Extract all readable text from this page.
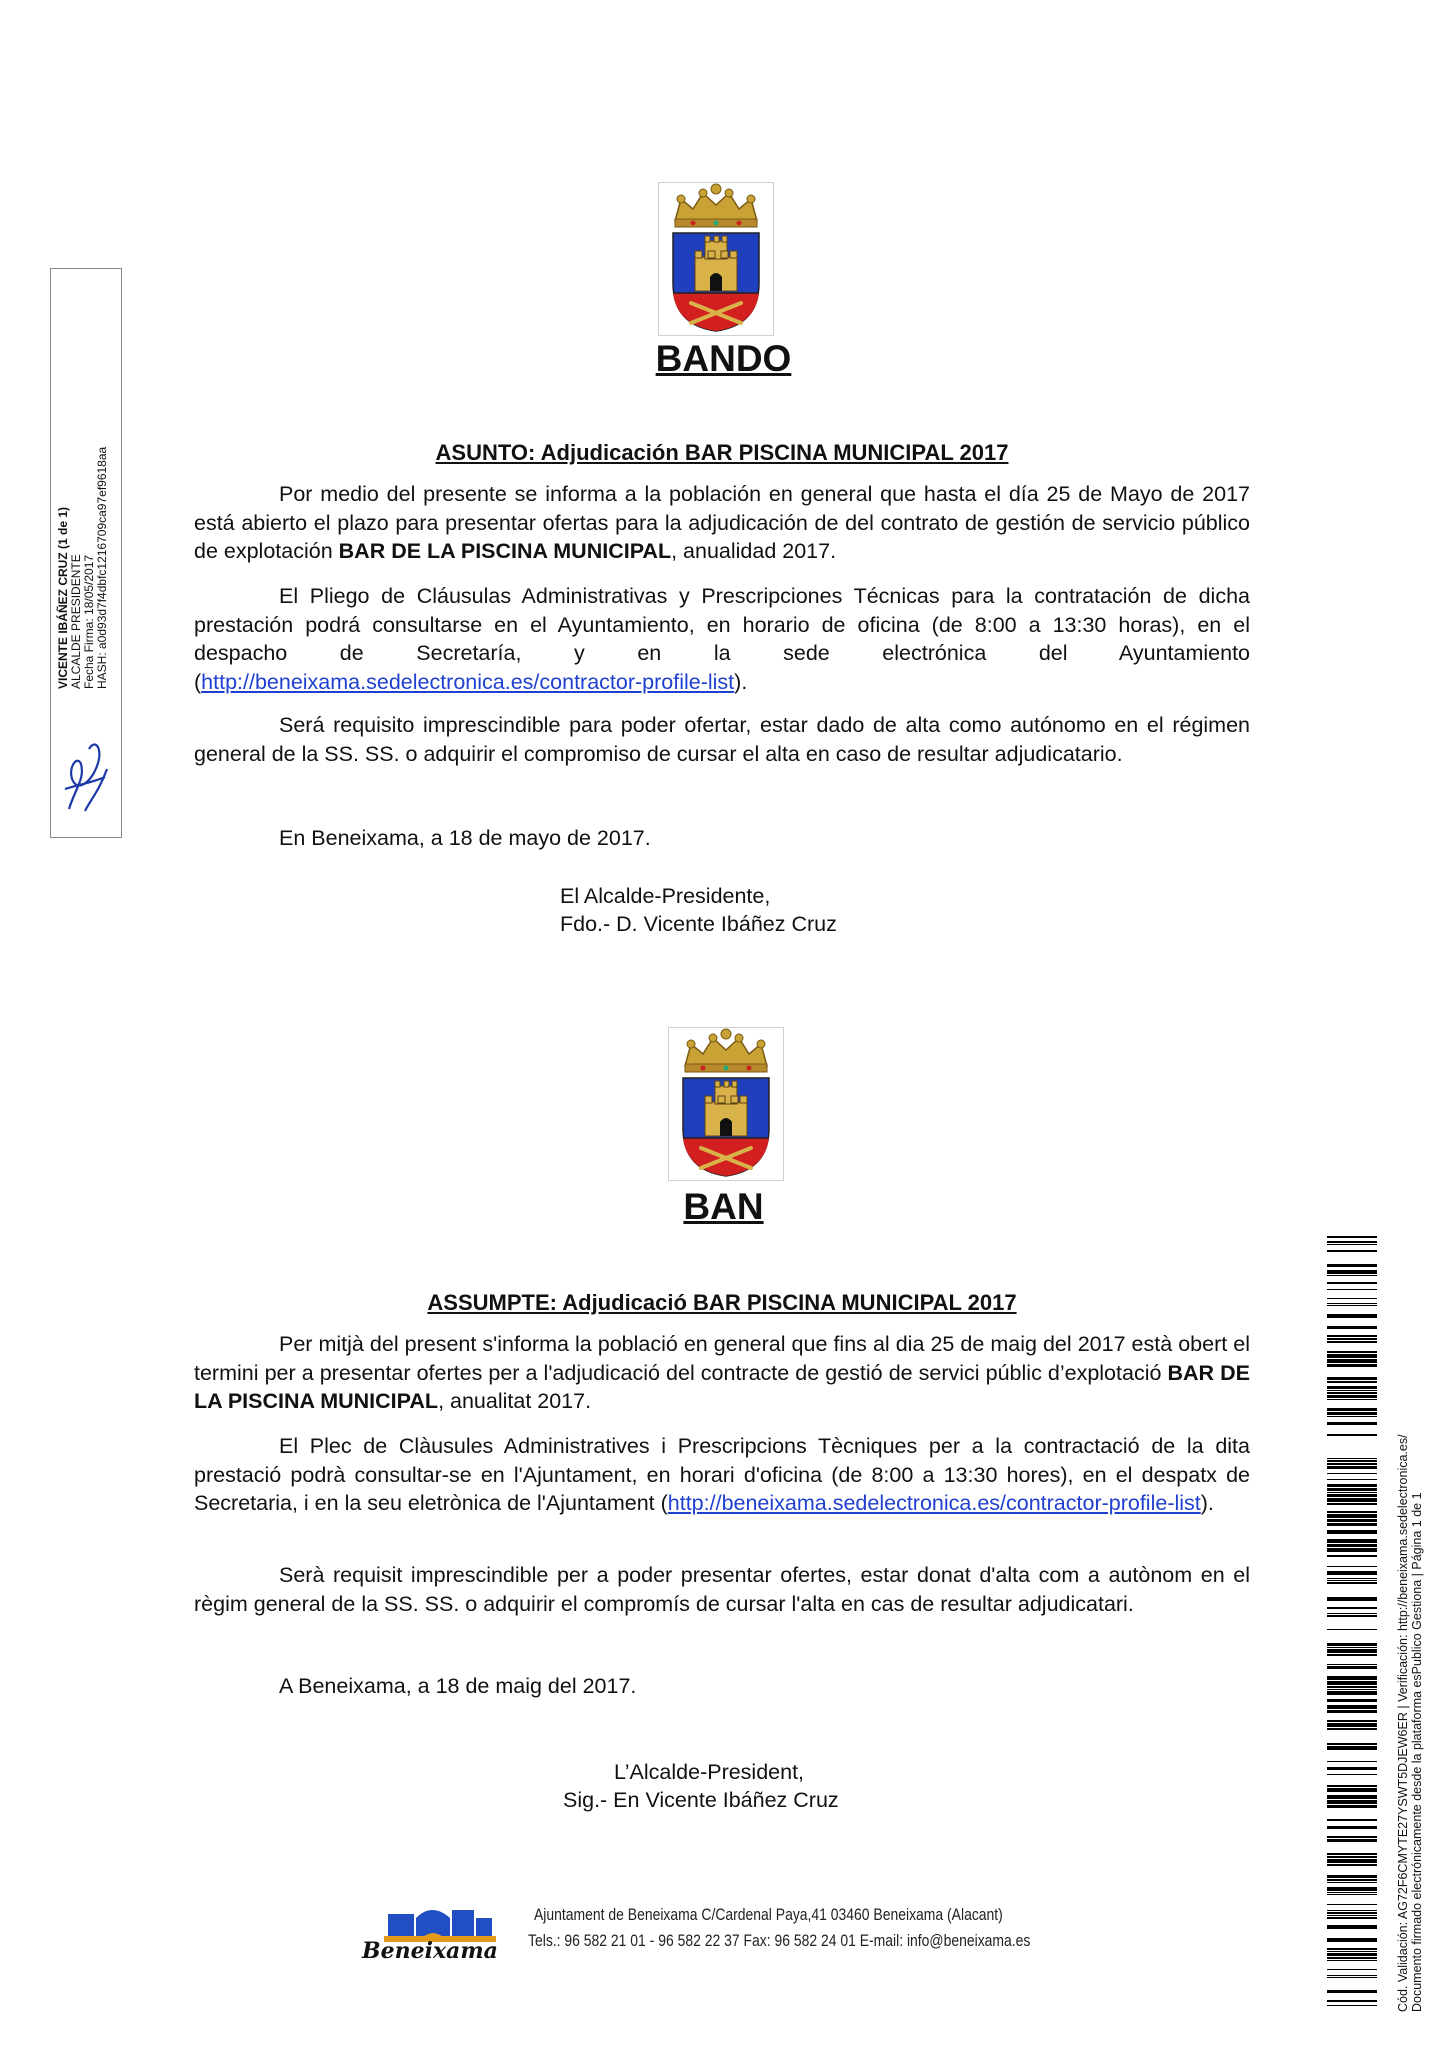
VICENTE IBÁÑEZ CRUZ (1 de 1) ALCALDE PRESIDENTE Fecha Firma: 18/05/2017 HASH: a0d93d7f4dbfc1216709ca97ef9618aa
BANDO
ASUNTO: Adjudicación BAR PISCINA MUNICIPAL 2017

Por medio del presente se informa a la población en general que hasta el día 25 de Mayo de 2017 está abierto el plazo para presentar ofertas para la adjudicación de del contrato de gestión de servicio público de explotación BAR DE LA PISCINA MUNICIPAL, anualidad 2017.

El Pliego de Cláusulas Administrativas y Prescripciones Técnicas para la contratación de dicha prestación podrá consultarse en el Ayuntamiento, en horario de oficina (de 8:00 a 13:30 horas), en el despacho de Secretaría, y en la sede electrónica del Ayuntamiento (http://beneixama.sedelectronica.es/contractor-profile-list).

Será requisito imprescindible para poder ofertar, estar dado de alta como autónomo en el régimen general de la SS. SS. o adquirir el compromiso de cursar el alta en caso de resultar adjudicatario.

En Beneixama, a 18 de mayo de 2017.
El Alcalde-Presidente,
Fdo.- D. Vicente Ibáñez Cruz
BAN
ASSUMPTE: Adjudicació BAR PISCINA MUNICIPAL 2017

Per mitjà del present s'informa la població en general que fins al dia 25 de maig del 2017 està obert el termini per a presentar ofertes per a l'adjudicació del contracte de gestió de servici públic d’explotació BAR DE LA PISCINA MUNICIPAL, anualitat 2017.

El Plec de Clàusules Administratives i Prescripcions Tècniques per a la contractació de la dita prestació podrà consultar-se en l'Ajuntament, en horari d'oficina (de 8:00 a 13:30 hores), en el despatx de Secretaria, i en la seu eletrònica de l'Ajuntament (http://beneixama.sedelectronica.es/contractor-profile-list).

Serà requisit imprescindible per a poder presentar ofertes, estar donat d'alta com a autònom en el règim general de la SS. SS. o adquirir el compromís de cursar l'alta en cas de resultar adjudicatari.

A Beneixama, a 18 de maig del 2017.
L’Alcalde-President,
Sig.- En Vicente Ibáñez Cruz
Beneixama
Ajuntament de Beneixama C/Cardenal Paya,41 03460 Beneixama (Alacant)
Tels.: 96 582 21 01 - 96 582 22 37 Fax: 96 582 24 01 E-mail: info@beneixama.es	Cód. Validación: AG72F6CMYTE27YSWT5DJEW6ER | Verificación: http://beneixama.sedelectronica.es/ Documento firmado electrónicamente desde la plataforma esPublico Gestiona | Página 1 de 1
